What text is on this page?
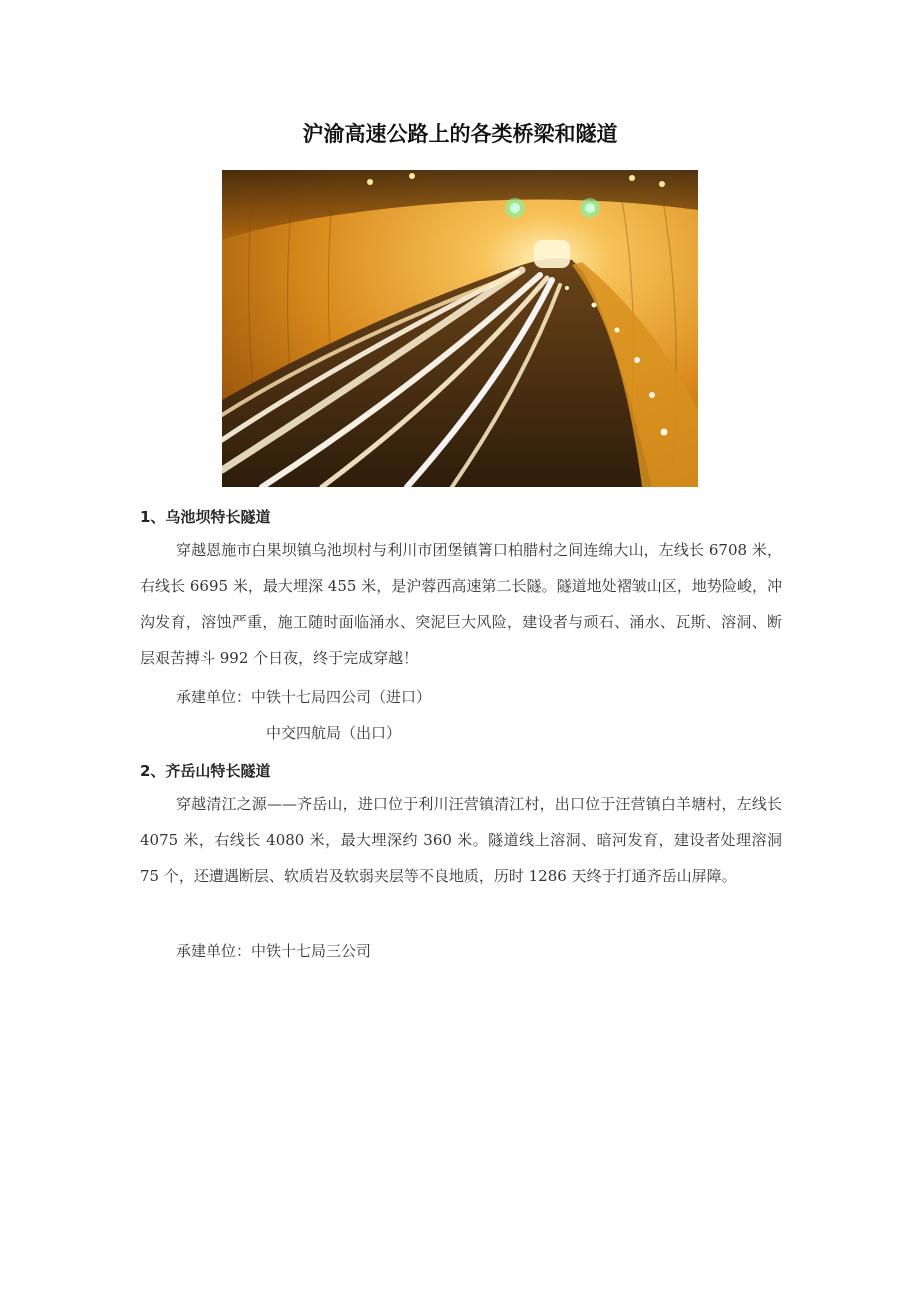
沪渝高速公路上的各类桥梁和隧道
1、乌池坝特长隧道
穿越恩施市白果坝镇乌池坝村与利川市团堡镇箐口柏腊村之间连绵大山，左线长 6708 米，右线长 6695 米，最大埋深 455 米，是沪蓉西高速第二长隧。隧道地处褶皱山区，地势险峻，冲沟发育，溶蚀严重，施工随时面临涌水、突泥巨大风险，建设者与顽石、涌水、瓦斯、溶洞、断层艰苦搏斗 992 个日夜，终于完成穿越！
承建单位：中铁十七局四公司（进口）
中交四航局（出口）
2、齐岳山特长隧道
穿越清江之源——齐岳山，进口位于利川汪营镇清江村，出口位于汪营镇白羊塘村，左线长 4075 米，右线长 4080 米，最大埋深约 360 米。隧道线上溶洞、暗河发育，建设者处理溶洞 75 个，还遭遇断层、软质岩及软弱夹层等不良地质，历时 1286 天终于打通齐岳山屏障。
承建单位：中铁十七局三公司
